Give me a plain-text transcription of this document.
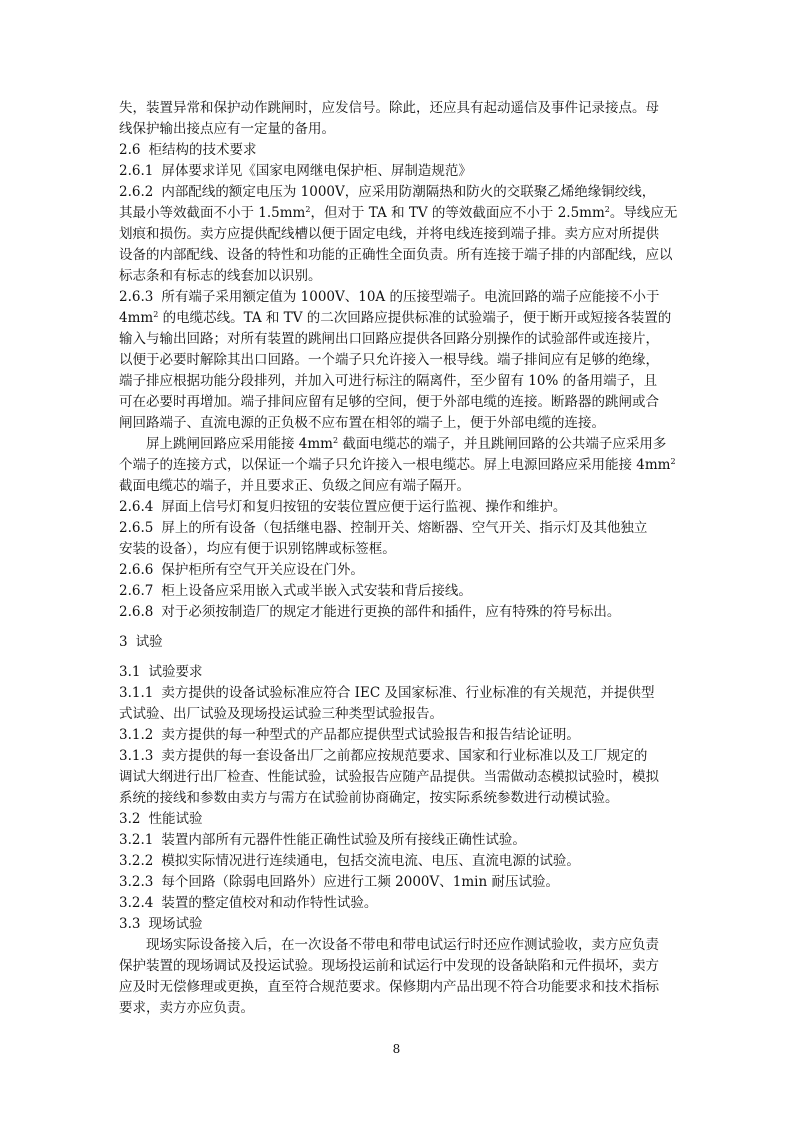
失，装置异常和保护动作跳闸时，应发信号。除此，还应具有起动遥信及事件记录接点。母
线保护输出接点应有一定量的备用。
2.6 柜结构的技术要求
2.6.1 屏体要求详见《国家电网继电保护柜、屏制造规范》
2.6.2 内部配线的额定电压为 1000V，应采用防潮隔热和防火的交联聚乙烯绝缘铜绞线，
其最小等效截面不小于 $1.5mm^2$，但对于 TA 和 TV 的等效截面应不小于 $2.5mm^2$。导线应无
划痕和损伤。卖方应提供配线槽以便于固定电线，并将电线连接到端子排。卖方应对所提供
设备的内部配线、设备的特性和功能的正确性全面负责。所有连接于端子排的内部配线，应以
标志条和有标志的线套加以识别。
2.6.3 所有端子采用额定值为 1000V、10A 的压接型端子。电流回路的端子应能接不小于
$4mm^2$ 的电缆芯线。TA 和 TV 的二次回路应提供标准的试验端子，便于断开或短接各装置的
输入与输出回路；对所有装置的跳闸出口回路应提供各回路分别操作的试验部件或连接片，
以便于必要时解除其出口回路。一个端子只允许接入一根导线。端子排间应有足够的绝缘，
端子排应根据功能分段排列，并加入可进行标注的隔离件，至少留有 10% 的备用端子，且
可在必要时再增加。端子排间应留有足够的空间，便于外部电缆的连接。断路器的跳闸或合
闸回路端子、直流电源的正负极不应布置在相邻的端子上，便于外部电缆的连接。
屏上跳闸回路应采用能接 $4mm^2$ 截面电缆芯的端子，并且跳闸回路的公共端子应采用多
个端子的连接方式，以保证一个端子只允许接入一根电缆芯。屏上电源回路应采用能接 $4mm^2$
截面电缆芯的端子，并且要求正、负级之间应有端子隔开。
2.6.4 屏面上信号灯和复归按钮的安装位置应便于运行监视、操作和维护。
2.6.5 屏上的所有设备（包括继电器、控制开关、熔断器、空气开关、指示灯及其他独立
安装的设备），均应有便于识别铭牌或标签框。
2.6.6 保护柜所有空气开关应设在门外。
2.6.7 柜上设备应采用嵌入式或半嵌入式安装和背后接线。
2.6.8 对于必须按制造厂的规定才能进行更换的部件和插件，应有特殊的符号标出。
3 试验
3.1 试验要求
3.1.1 卖方提供的设备试验标准应符合 IEC 及国家标准、行业标准的有关规范，并提供型
式试验、出厂试验及现场投运试验三种类型试验报告。
3.1.2 卖方提供的每一种型式的产品都应提供型式试验报告和报告结论证明。
3.1.3 卖方提供的每一套设备出厂之前都应按规范要求、国家和行业标准以及工厂规定的
调试大纲进行出厂检查、性能试验，试验报告应随产品提供。当需做动态模拟试验时，模拟
系统的接线和参数由卖方与需方在试验前协商确定，按实际系统参数进行动模试验。
3.2 性能试验
3.2.1 装置内部所有元器件性能正确性试验及所有接线正确性试验。
3.2.2 模拟实际情况进行连续通电，包括交流电流、电压、直流电源的试验。
3.2.3 每个回路（除弱电回路外）应进行工频 2000V、1min 耐压试验。
3.2.4 装置的整定值校对和动作特性试验。
3.3 现场试验
现场实际设备接入后，在一次设备不带电和带电试运行时还应作测试验收，卖方应负责
保护装置的现场调试及投运试验。现场投运前和试运行中发现的设备缺陷和元件损坏，卖方
应及时无偿修理或更换，直至符合规范要求。保修期内产品出现不符合功能要求和技术指标
要求，卖方亦应负责。
8
